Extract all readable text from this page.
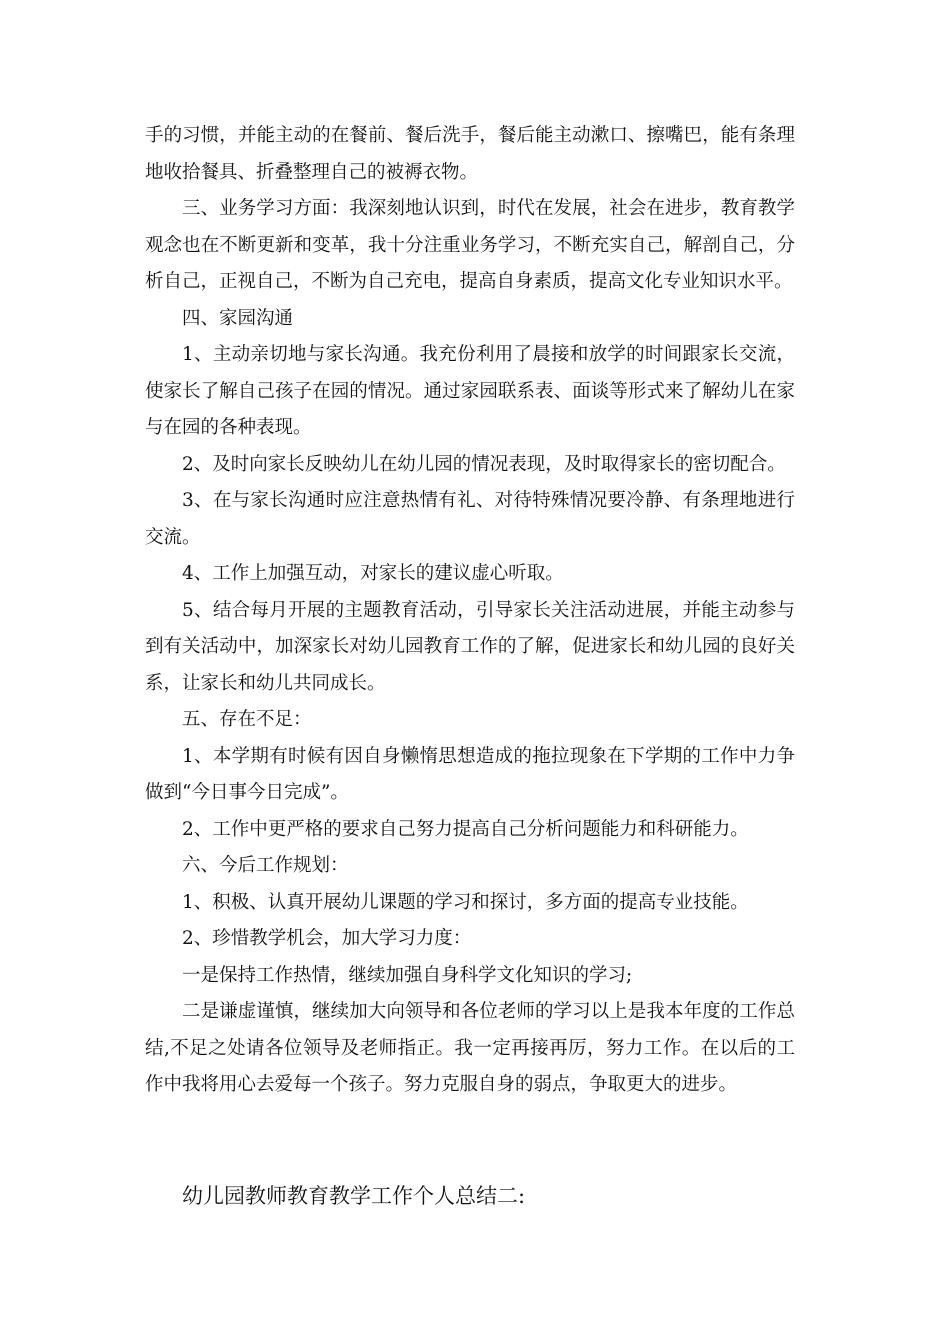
手的习惯，并能主动的在餐前、餐后洗手，餐后能主动漱口、擦嘴巴，能有条理地收拾餐具、折叠整理自己的被褥衣物。

三、业务学习方面：我深刻地认识到，时代在发展，社会在进步，教育教学观念也在不断更新和变革，我十分注重业务学习，不断充实自己，解剖自己，分析自己，正视自己，不断为自己充电，提高自身素质，提高文化专业知识水平。

四、家园沟通

1、主动亲切地与家长沟通。我充份利用了晨接和放学的时间跟家长交流，使家长了解自己孩子在园的情况。通过家园联系表、面谈等形式来了解幼儿在家与在园的各种表现。

2、及时向家长反映幼儿在幼儿园的情况表现，及时取得家长的密切配合。

3、在与家长沟通时应注意热情有礼、对待特殊情况要冷静、有条理地进行交流。

4、工作上加强互动，对家长的建议虚心听取。

5、结合每月开展的主题教育活动，引导家长关注活动进展，并能主动参与到有关活动中，加深家长对幼儿园教育工作的了解，促进家长和幼儿园的良好关系，让家长和幼儿共同成长。

五、存在不足：

1、本学期有时候有因自身懒惰思想造成的拖拉现象在下学期的工作中力争做到“今日事今日完成”。

2、工作中更严格的要求自己努力提高自己分析问题能力和科研能力。

六、今后工作规划：

1、积极、认真开展幼儿课题的学习和探讨，多方面的提高专业技能。

2、珍惜教学机会，加大学习力度：

一是保持工作热情，继续加强自身科学文化知识的学习;

二是谦虚谨慎，继续加大向领导和各位老师的学习以上是我本年度的工作总结,不足之处请各位领导及老师指正。我一定再接再厉，努力工作。在以后的工作中我将用心去爱每一个孩子。努力克服自身的弱点，争取更大的进步。

幼儿园教师教育教学工作个人总结二:
